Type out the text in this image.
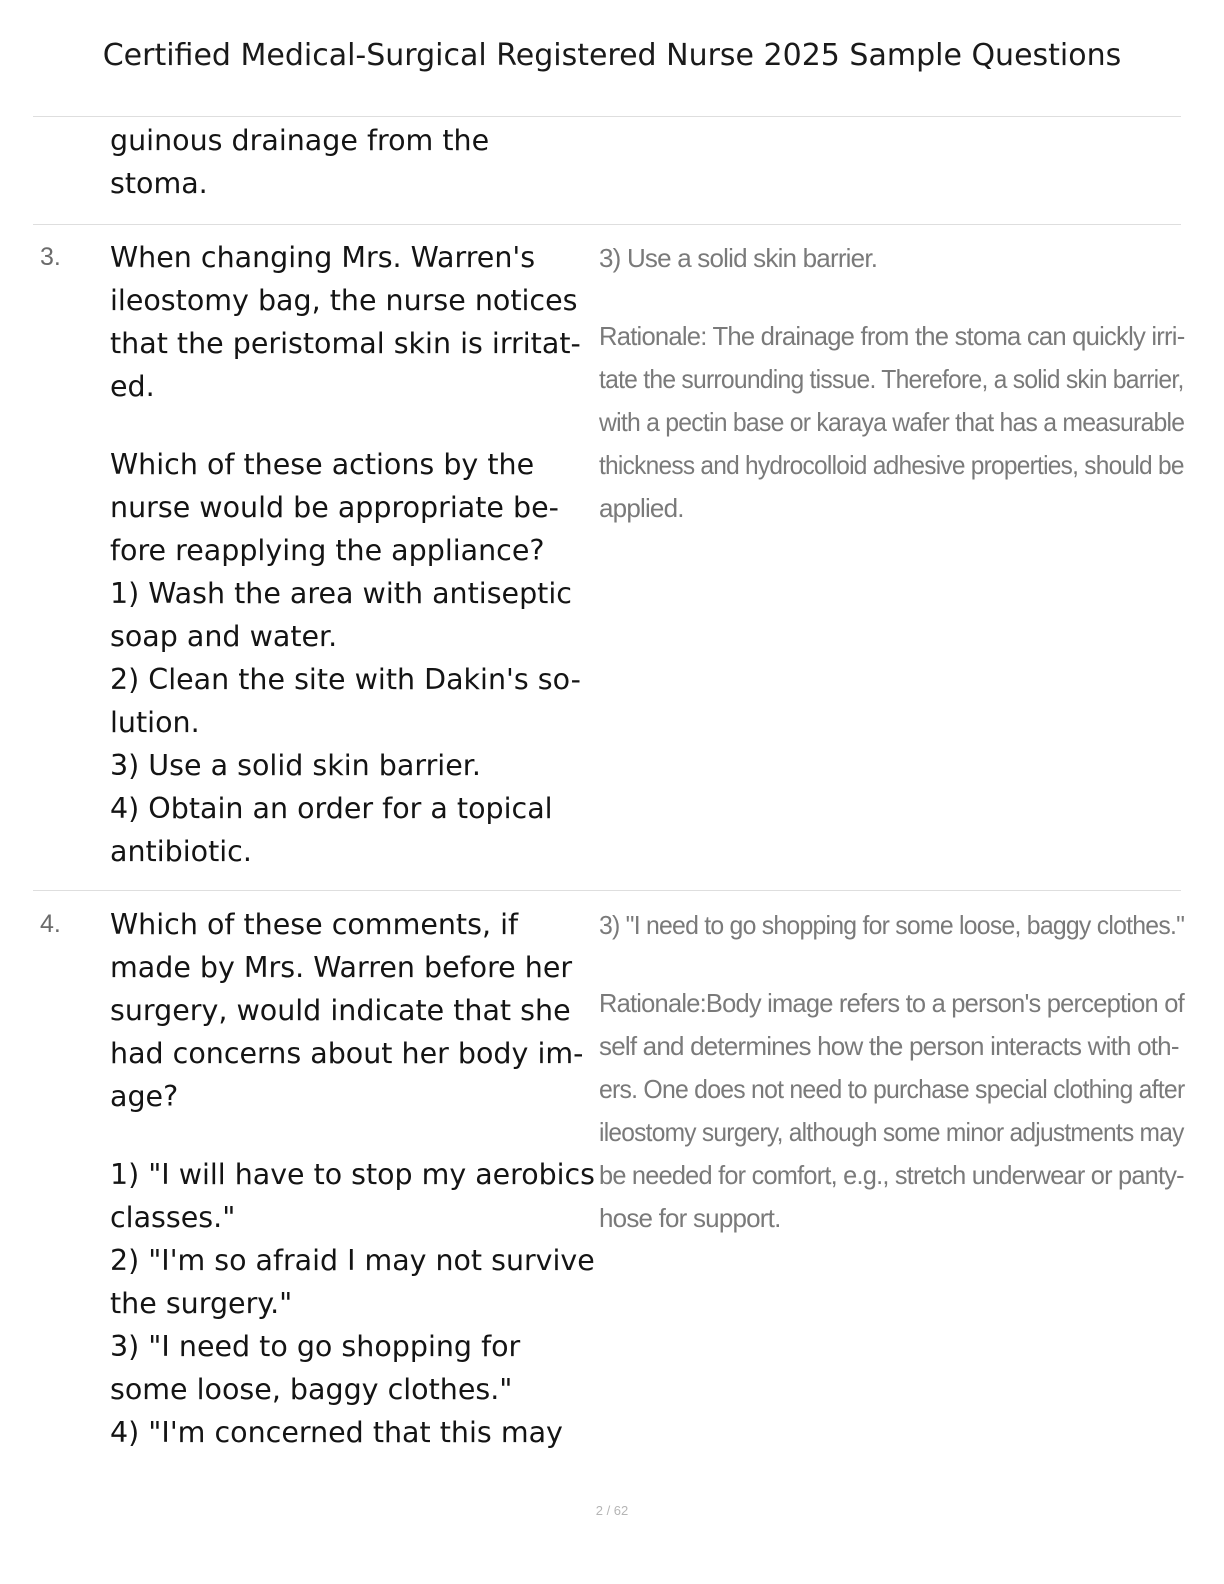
Certified Medical-Surgical Registered Nurse 2025 Sample Questions
guinous drainage from the
stoma.
3. When changing Mrs. Warren's
ileostomy bag, the nurse notices
that the peristomal skin is irritat-
ed.
Which of these actions by the
nurse would be appropriate be-
fore reapplying the appliance?
1) Wash the area with antiseptic
soap and water.
2) Clean the site with Dakin's so-
lution.
3) Use a solid skin barrier.
4) Obtain an order for a topical
antibiotic.
3) Use a solid skin barrier.
Rationale: The drainage from the stoma can quickly irri-
tate the surrounding tissue. Therefore, a solid skin barrier,
with a pectin base or karaya wafer that has a measurable
thickness and hydrocolloid adhesive properties, should be
applied.
4. Which of these comments, if
made by Mrs. Warren before her
surgery, would indicate that she
had concerns about her body im-
age?
1) "I will have to stop my aerobics
classes."
2) "I'm so afraid I may not survive
the surgery."
3) "I need to go shopping for
some loose, baggy clothes."
4) "I'm concerned that this may
3) "I need to go shopping for some loose, baggy clothes."
Rationale:Body image refers to a person's perception of
self and determines how the person interacts with oth-
ers. One does not need to purchase special clothing after
ileostomy surgery, although some minor adjustments may
be needed for comfort, e.g., stretch underwear or panty-
hose for support.
2 / 62
